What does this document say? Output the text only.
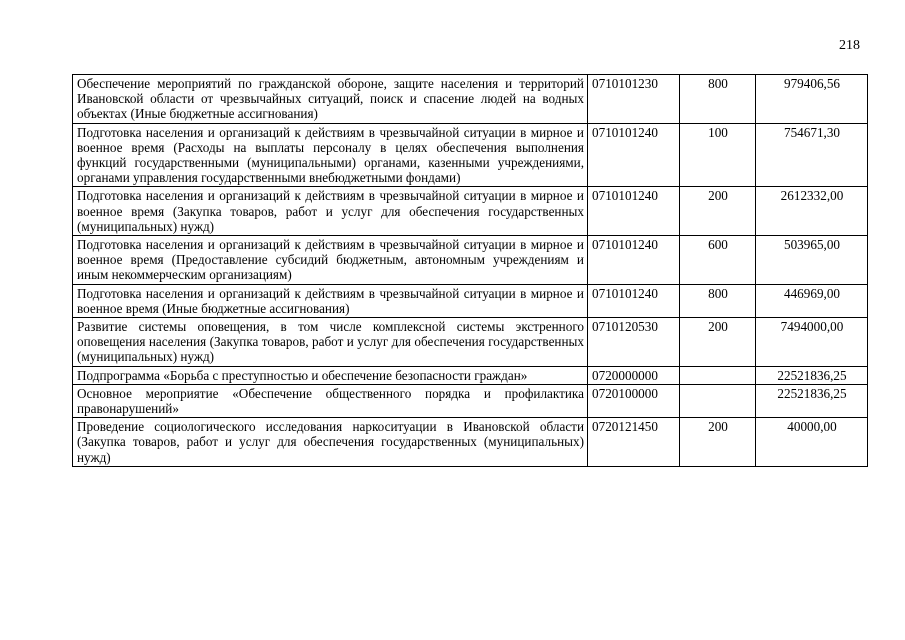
218
Обеспечение мероприятий по гражданской обороне, защите населения и территорий Ивановской области от чрезвычайных ситуаций, поиск и спасение людей на водных объектах (Иные бюджетные ассигнования)	0710101230	800	979406,56
Подготовка населения и организаций к действиям в чрезвычайной ситуации в мирное и военное время (Расходы на выплаты персоналу в целях обеспечения выполнения функций государственными (муниципальными) органами, казенными учреждениями, органами управления государственными внебюджетными фондами)	0710101240	100	754671,30
Подготовка населения и организаций к действиям в чрезвычайной ситуации в мирное и военное время (Закупка товаров, работ и услуг для обеспечения государственных (муниципальных) нужд)	0710101240	200	2612332,00
Подготовка населения и организаций к действиям в чрезвычайной ситуации в мирное и военное время (Предоставление субсидий бюджетным, автономным учреждениям и иным некоммерческим организациям)	0710101240	600	503965,00
Подготовка населения и организаций к действиям в чрезвычайной ситуации в мирное и военное время (Иные бюджетные ассигнования)	0710101240	800	446969,00
Развитие системы оповещения, в том числе комплексной системы экстренного оповещения населения (Закупка товаров, работ и услуг для обеспечения государственных (муниципальных) нужд)	0710120530	200	7494000,00
Подпрограмма «Борьба с преступностью и обеспечение безопасности граждан»	0720000000		22521836,25
Основное мероприятие «Обеспечение общественного порядка и профилактика правонарушений»	0720100000		22521836,25
Проведение социологического исследования наркоситуации в Ивановской области (Закупка товаров, работ и услуг для обеспечения государственных (муниципальных) нужд)	0720121450	200	40000,00
